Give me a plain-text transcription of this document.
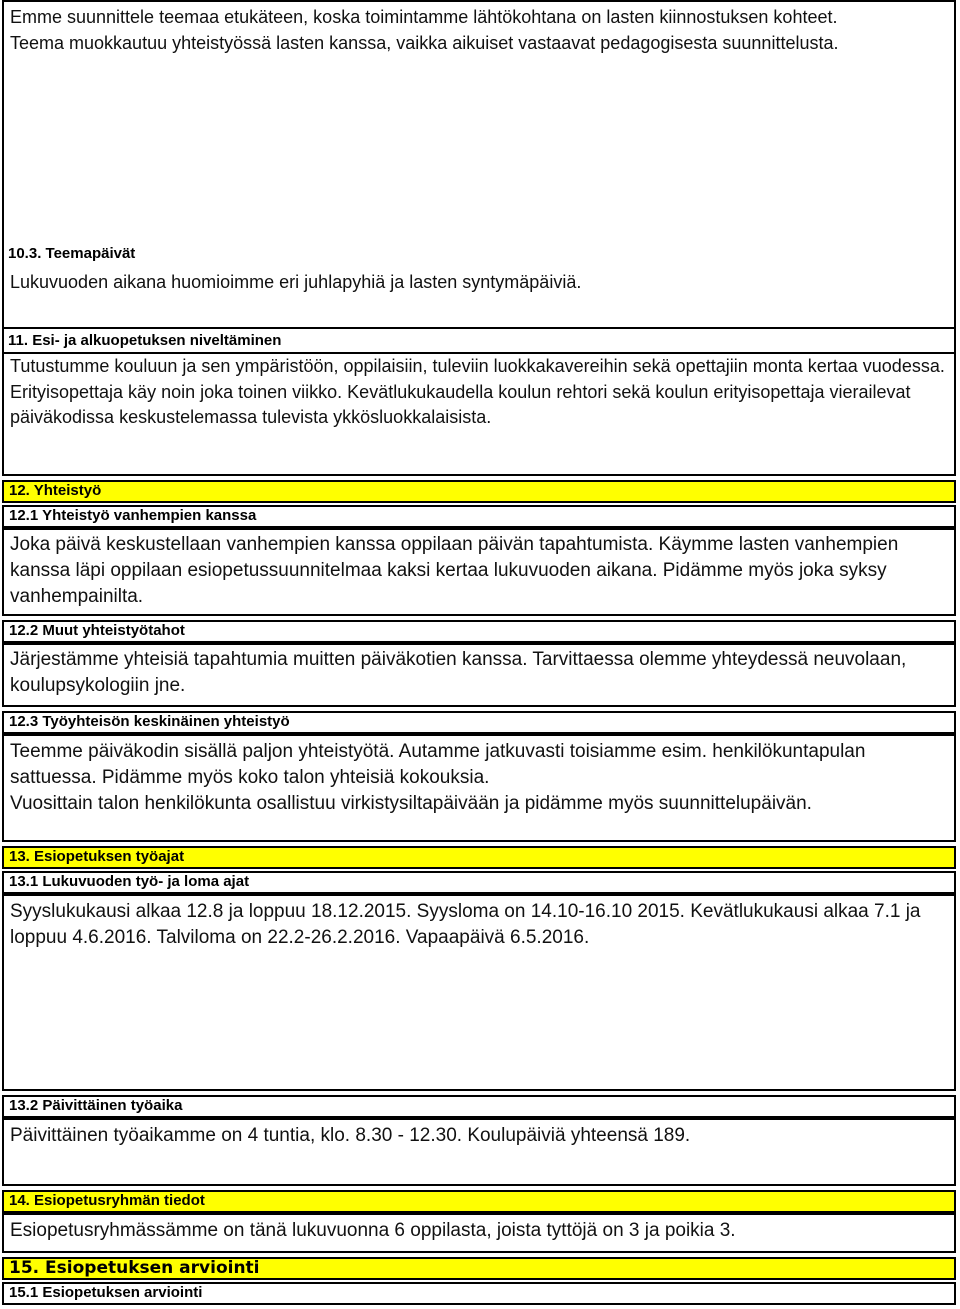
Emme suunnittele teemaa etukäteen, koska toimintamme lähtökohtana on lasten kiinnostuksen kohteet.

Teema muokkautuu yhteistyössä lasten kanssa, vaikka aikuiset vastaavat pedagogisesta suunnittelusta.

10.3. Teemapäivät
Lukuvuoden aikana huomioimme eri juhlapyhiä ja lasten syntymäpäiviä.
11. Esi- ja alkuopetuksen niveltäminen
Tutustumme kouluun ja sen ympäristöön, oppilaisiin, tuleviin luokkakavereihin sekä opettajiin monta kertaa vuodessa. Erityisopettaja käy noin joka toinen viikko. Kevätlukukaudella koulun rehtori sekä koulun erityisopettaja vierailevat päiväkodissa keskustelemassa tulevista ykkösluokkalaisista.
12. Yhteistyö
12.1 Yhteistyö vanhempien kanssa
Joka päivä keskustellaan vanhempien kanssa oppilaan päivän tapahtumista. Käymme lasten vanhempien kanssa läpi oppilaan esiopetussuunnitelmaa kaksi kertaa lukuvuoden aikana. Pidämme myös joka syksy vanhempainilta.
12.2 Muut yhteistyötahot
Järjestämme yhteisiä tapahtumia muitten päiväkotien kanssa. Tarvittaessa olemme yhteydessä neuvolaan, koulupsykologiin jne.
12.3 Työyhteisön keskinäinen yhteistyö

Teemme päiväkodin sisällä paljon yhteistyötä. Autamme jatkuvasti toisiamme esim. henkilökuntapulan sattuessa. Pidämme myös koko talon yhteisiä kokouksia.

Vuosittain talon henkilökunta osallistuu virkistysiltapäivään ja pidämme myös suunnittelupäivän.

13. Esiopetuksen työajat
13.1 Lukuvuoden työ- ja loma ajat
Syyslukukausi alkaa 12.8 ja loppuu 18.12.2015. Syysloma on 14.10-16.10 2015. Kevätlukukausi alkaa 7.1 ja loppuu 4.6.2016. Talviloma on 22.2-26.2.2016. Vapaapäivä 6.5.2016.
13.2 Päivittäinen työaika
Päivittäinen työaikamme on 4 tuntia, klo. 8.30 - 12.30. Koulupäiviä yhteensä 189.
14. Esiopetusryhmän tiedot
Esiopetusryhmässämme on tänä lukuvuonna 6 oppilasta, joista tyttöjä on 3 ja poikia 3.
15. Esiopetuksen arviointi
15.1 Esiopetuksen arviointi
